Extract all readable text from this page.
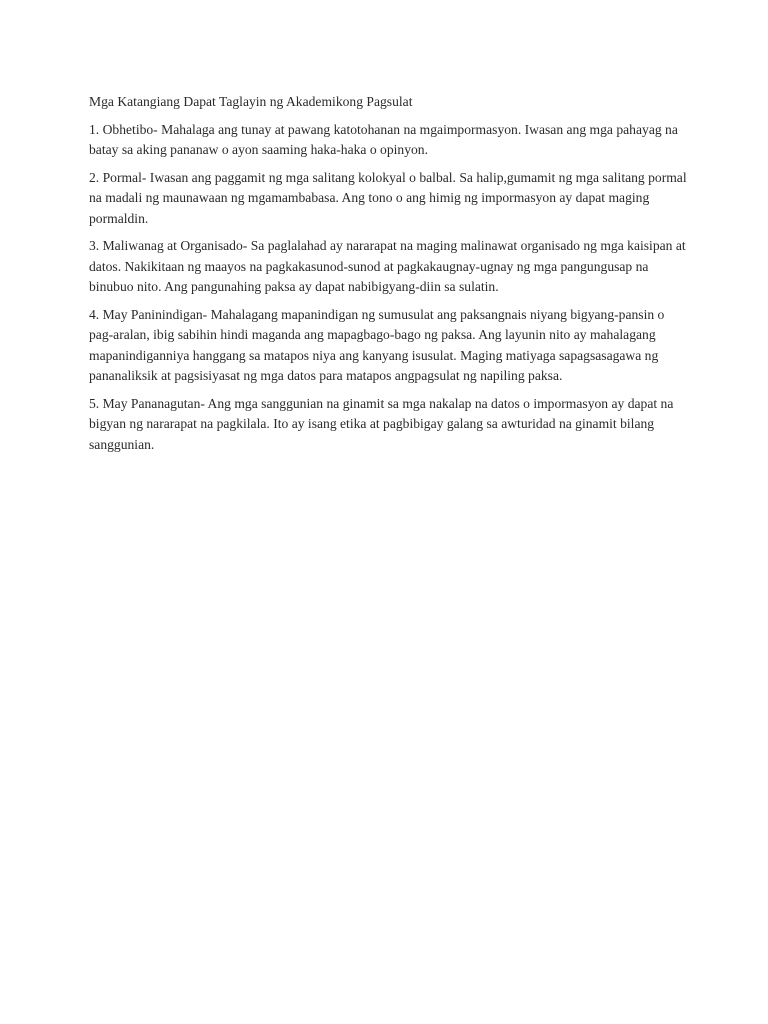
Mga Katangiang Dapat Taglayin ng Akademikong Pagsulat

1. Obhetibo- Mahalaga ang tunay at pawang katotohanan na mgaimpormasyon. Iwasan ang mga pahayag na batay sa aking pananaw o ayon saaming haka-haka o opinyon.

2. Pormal- Iwasan ang paggamit ng mga salitang kolokyal o balbal. Sa halip,gumamit ng mga salitang pormal na madali ng maunawaan ng mgamambabasa. Ang tono o ang himig ng impormasyon ay dapat maging pormaldin.

3. Maliwanag at Organisado- Sa paglalahad ay nararapat na maging malinawat organisado ng mga kaisipan at datos. Nakikitaan ng maayos na pagkakasunod-sunod at pagkakaugnay-ugnay ng mga pangungusap na binubuo nito. Ang pangunahing paksa ay dapat nabibigyang-diin sa sulatin.

4. May Paninindigan- Mahalagang mapanindigan ng sumusulat ang paksangnais niyang bigyang-pansin o pag-aralan, ibig sabihin hindi maganda ang mapagbago-bago ng paksa. Ang layunin nito ay mahalagang mapanindiganniya hanggang sa matapos niya ang kanyang isusulat. Maging matiyaga sapagsasagawa ng pananaliksik at pagsisiyasat ng mga datos para matapos angpagsulat ng napiling paksa.

5. May Pananagutan- Ang mga sanggunian na ginamit sa mga nakalap na datos o impormasyon ay dapat na bigyan ng nararapat na pagkilala. Ito ay isang etika at pagbibigay galang sa awturidad na ginamit bilang sanggunian.
